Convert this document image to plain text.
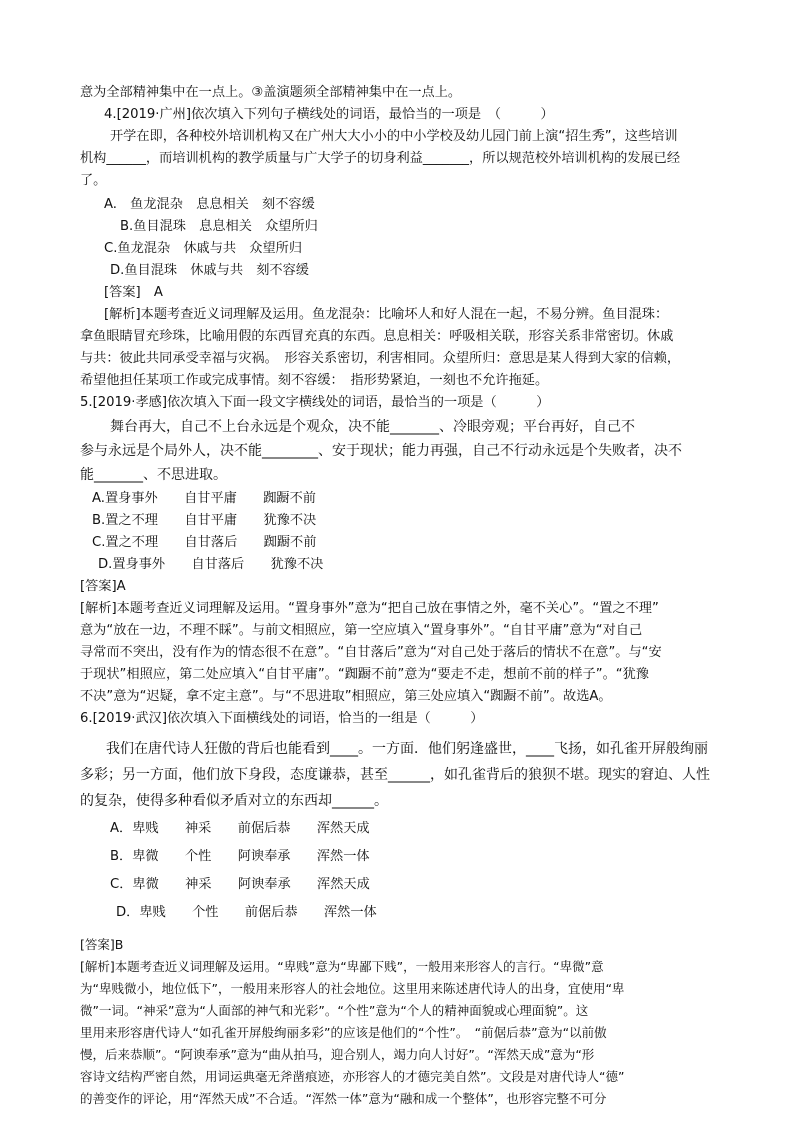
意为全部精神集中在一点上。③盖演题须全部精神集中在一点上。
4.[2019·广州]依次填入下列句子横线处的词语，最恰当的一项是　（　　　）
开学在即，各种校外培训机构又在广州大大小小的中小学校及幼儿园门前上演“招生秀”，这些培训
机构______，而培训机构的教学质量与广大学子的切身利益_______，所以规范校外培训机构的发展已经
了。
A.　鱼龙混杂　息息相关　刻不容缓
B.鱼目混珠　息息相关　众望所归
C.鱼龙混杂　休戚与共　众望所归
D.鱼目混珠　休戚与共　刻不容缓
[答案]　A
[解析]本题考查近义词理解及运用。鱼龙混杂：比喻坏人和好人混在一起，不易分辨。鱼目混珠：
拿鱼眼睛冒充珍珠，比喻用假的东西冒充真的东西。息息相关：呼吸相关联，形容关系非常密切。休戚
与共：彼此共同承受幸福与灾祸。　形容关系密切，利害相同。众望所归：意思是某人得到大家的信赖，
希望他担任某项工作或完成事情。刻不容缓：　指形势紧迫，一刻也不允许拖延。
5.[2019·孝感]依次填入下面一段文字横线处的词语，最恰当的一项是（　　　）
舞台再大，自己不上台永远是个观众，决不能_______、冷眼旁观；平台再好，自己不
参与永远是个局外人，决不能________、安于现状；能力再强，自己不行动永远是个失败者，决不
能_______、不思进取。
A.置身事外　　自甘平庸　　踟蹰不前
B.置之不理　　自甘平庸　　犹豫不决
C.置之不理　　自甘落后　　踟蹰不前
D.置身事外　　自甘落后　　犹豫不决
[答案]A
[解析]本题考查近义词理解及运用。“置身事外”意为“把自己放在事情之外，毫不关心”。“置之不理”
意为“放在一边，不理不睬”。与前文相照应，第一空应填入“置身事外”。“自甘平庸”意为“对自己
寻常而不突出，没有作为的情态很不在意”。“自甘落后”意为“对自己处于落后的情状不在意”。与“安
于现状”相照应，第二处应填入“自甘平庸”。“踟蹰不前”意为“要走不走，想前不前的样子”。“犹豫
不决”意为“迟疑，拿不定主意”。与“不思进取”相照应，第三处应填入“踟蹰不前”。故选A。
6.[2019·武汉]依次填入下面横线处的词语，恰当的一组是（　　　）
我们在唐代诗人狂傲的背后也能看到____。一方面．他们躬逢盛世，____飞扬，如孔雀开屏般绚丽
多彩；另一方面，他们放下身段，态度谦恭，甚至______，如孔雀背后的狼狈不堪。现实的窘迫、人性
的复杂，使得多种看似矛盾对立的东西却______。
A．卑贱　　神采　　前倨后恭　　浑然天成
B．卑微　　个性　　阿谀奉承　　浑然一体
C．卑微　　神采　　阿谀奉承　　浑然天成
D．卑贱　　个性　　前倨后恭　　浑然一体
[答案]B
[解析]本题考查近义词理解及运用。“卑贱”意为“卑鄙下贱”，一般用来形容人的言行。“卑微”意
为“卑贱微小，地位低下”，一般用来形容人的社会地位。这里用来陈述唐代诗人的出身，宜使用“卑
微”一词。“神采”意为“人面部的神气和光彩”。“个性”意为“个人的精神面貌或心理面貌”。这
里用来形容唐代诗人“如孔雀开屏般绚丽多彩”的应该是他们的“个性”。　“前倨后恭”意为“以前傲
慢，后来恭顺”。“阿谀奉承”意为“曲从拍马，迎合别人，竭力向人讨好”。“浑然天成”意为“形
容诗文结构严密自然，用词运典毫无斧凿痕迹，亦形容人的才德完美自然”。文段是对唐代诗人“德”
的善变作的评论，用“浑然天成”不合适。“浑然一体”意为“融和成一个整体”，也形容完整不可分
